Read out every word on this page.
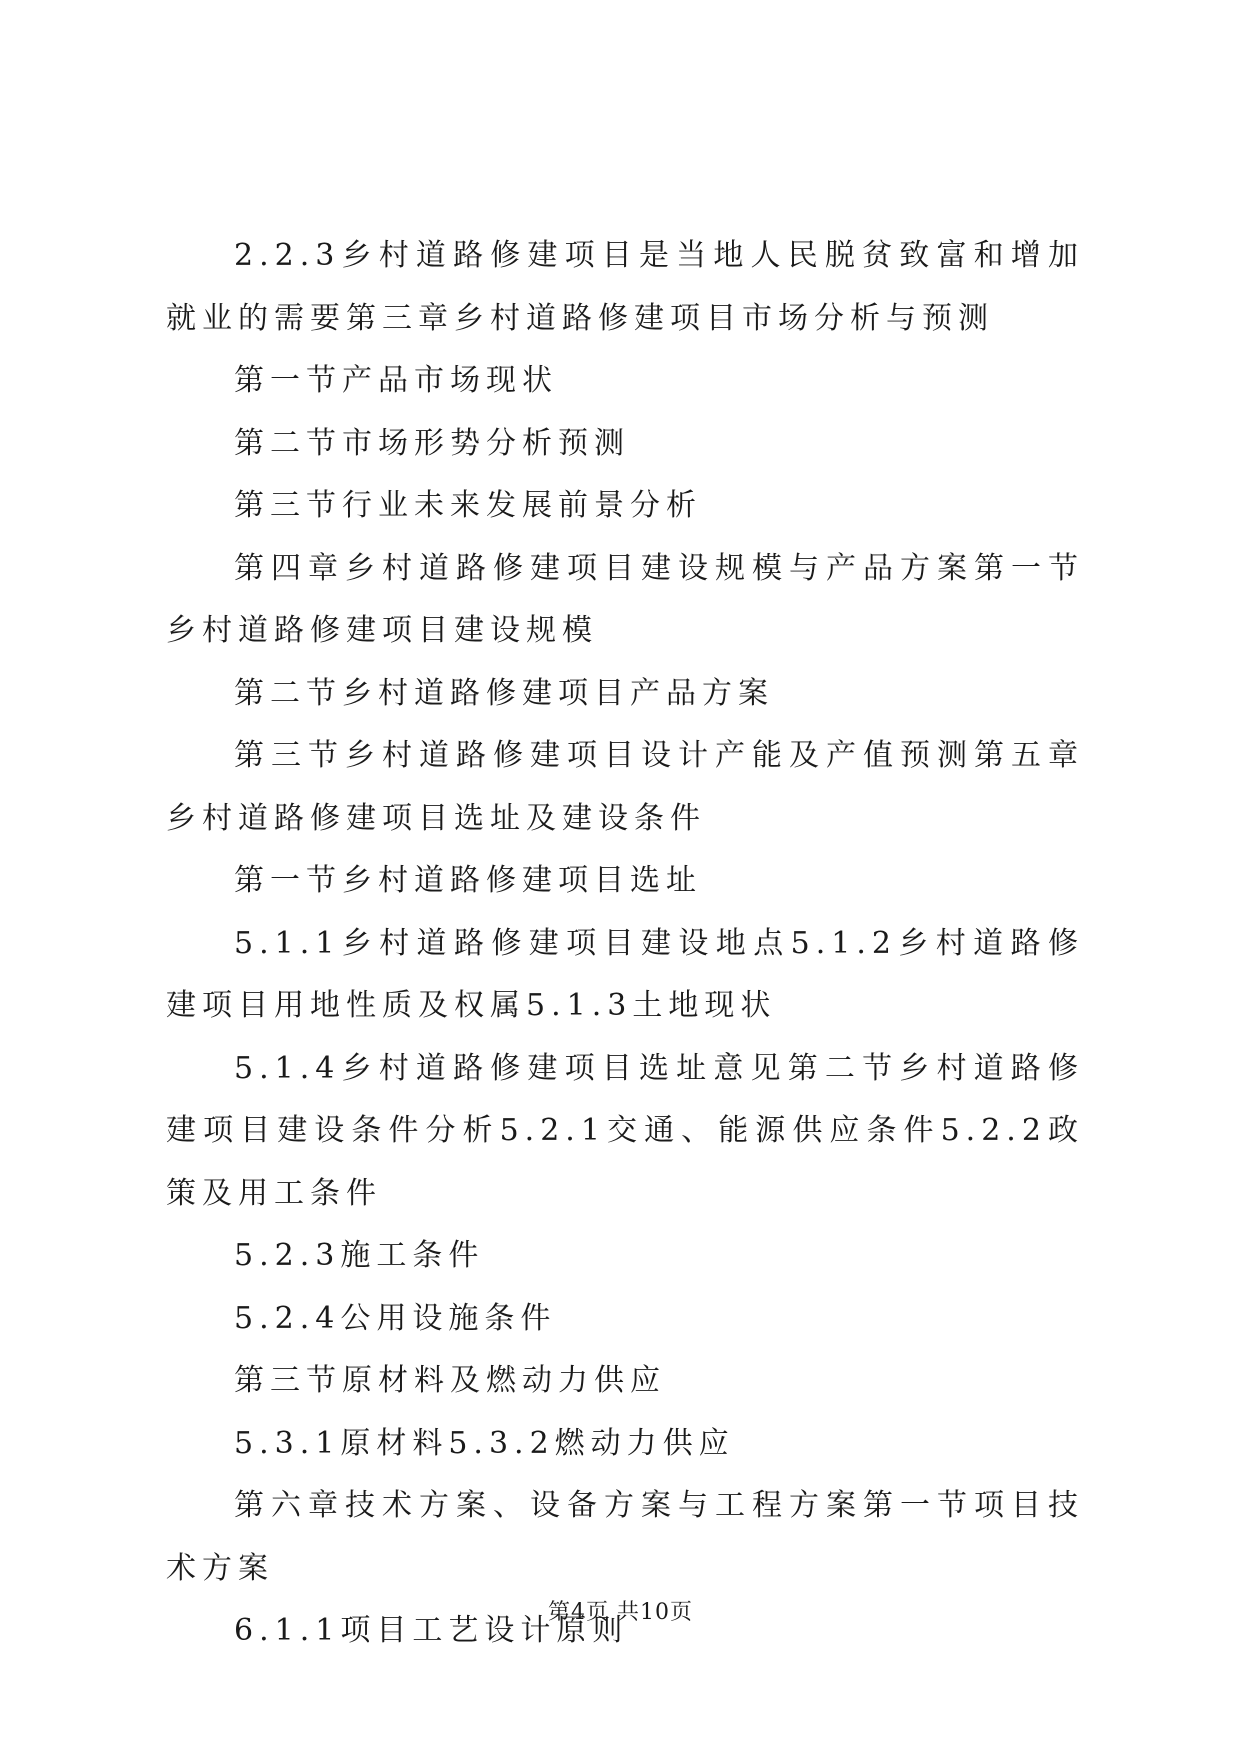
2.2.3乡村道路修建项目是当地人民脱贫致富和增加就业的需要第三章乡村道路修建项目市场分析与预测

第一节产品市场现状

第二节市场形势分析预测

第三节行业未来发展前景分析

第四章乡村道路修建项目建设规模与产品方案第一节乡村道路修建项目建设规模

第二节乡村道路修建项目产品方案

第三节乡村道路修建项目设计产能及产值预测第五章乡村道路修建项目选址及建设条件

第一节乡村道路修建项目选址

5.1.1乡村道路修建项目建设地点5.1.2乡村道路修建项目用地性质及权属5.1.3土地现状

5.1.4乡村道路修建项目选址意见第二节乡村道路修建项目建设条件分析5.2.1交通、能源供应条件5.2.2政策及用工条件

5.2.3施工条件

5.2.4公用设施条件

第三节原材料及燃动力供应

5.3.1原材料5.3.2燃动力供应

第六章技术方案、设备方案与工程方案第一节项目技术方案

6.1.1项目工艺设计原则

第4页 共10页
